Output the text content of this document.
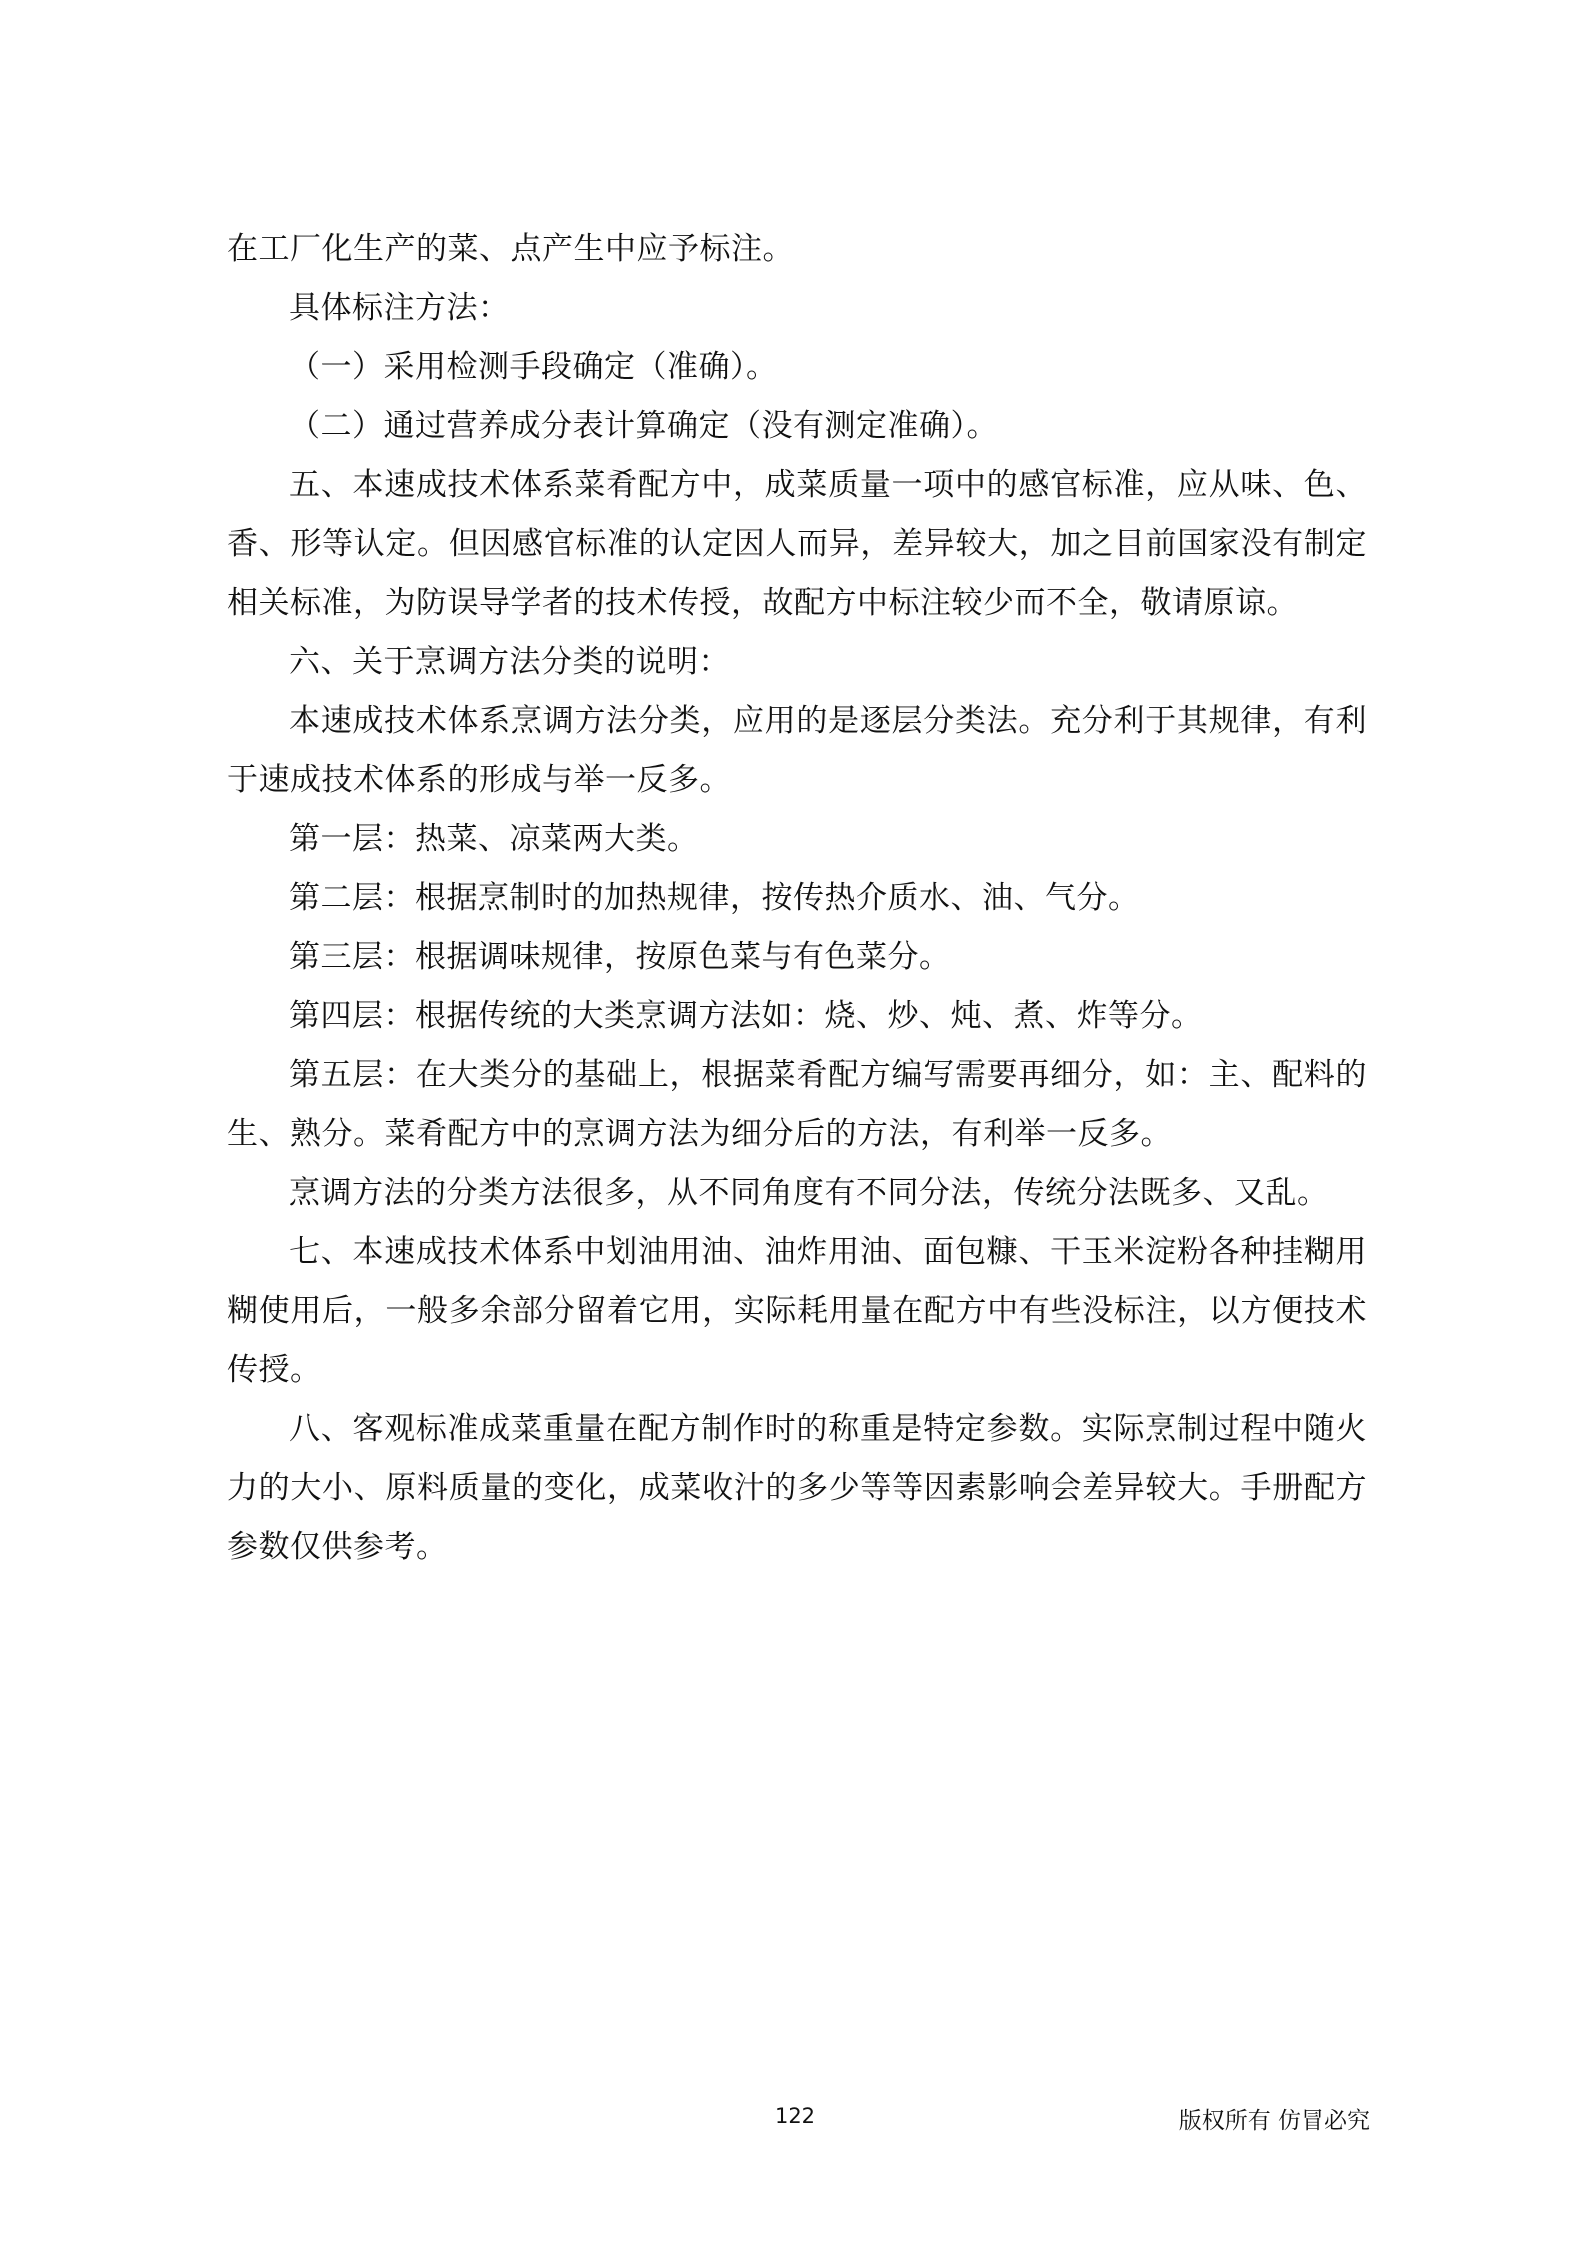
在工厂化生产的菜、点产生中应予标注。

具体标注方法：

（一）采用检测手段确定（准确）。

（二）通过营养成分表计算确定（没有测定准确）。

五、本速成技术体系菜肴配方中，成菜质量一项中的感官标准，应从味、色、香、形等认定。但因感官标准的认定因人而异，差异较大，加之目前国家没有制定相关标准，为防误导学者的技术传授，故配方中标注较少而不全，敬请原谅。

六、关于烹调方法分类的说明：

本速成技术体系烹调方法分类，应用的是逐层分类法。充分利于其规律，有利于速成技术体系的形成与举一反多。

第一层：热菜、凉菜两大类。

第二层：根据烹制时的加热规律，按传热介质水、油、气分。

第三层：根据调味规律，按原色菜与有色菜分。

第四层：根据传统的大类烹调方法如：烧、炒、炖、煮、炸等分。

第五层：在大类分的基础上，根据菜肴配方编写需要再细分，如：主、配料的生、熟分。菜肴配方中的烹调方法为细分后的方法，有利举一反多。

烹调方法的分类方法很多，从不同角度有不同分法，传统分法既多、又乱。

七、本速成技术体系中划油用油、油炸用油、面包糠、干玉米淀粉各种挂糊用糊使用后，一般多余部分留着它用，实际耗用量在配方中有些没标注，以方便技术传授。

八、客观标准成菜重量在配方制作时的称重是特定参数。实际烹制过程中随火力的大小、原料质量的变化，成菜收汁的多少等等因素影响会差异较大。手册配方参数仅供参考。

122	版权所有 仿冒必究
